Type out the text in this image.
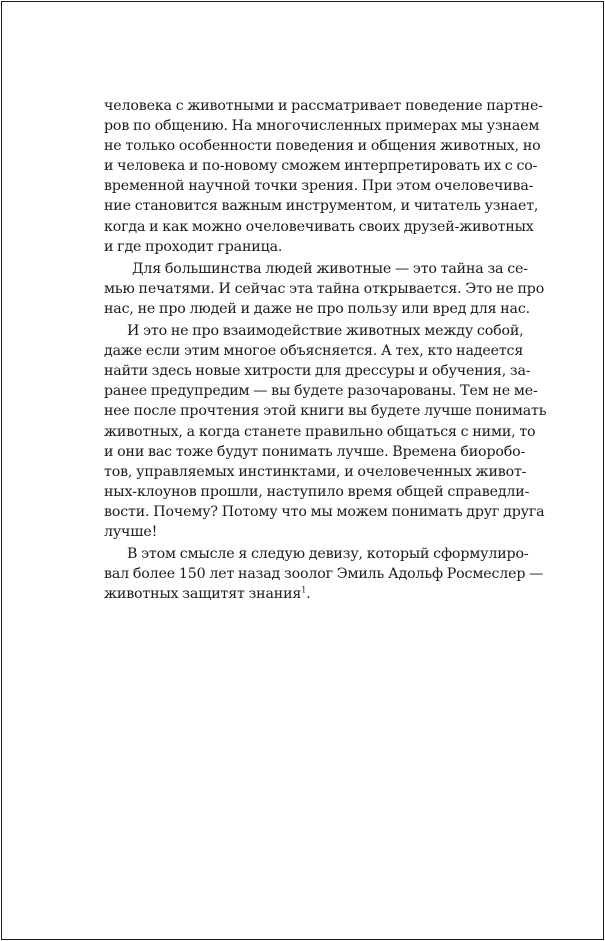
человека с животными и рассматривает поведение партне-
ров по общению. На многочисленных примерах мы узнаем
не только особенности поведения и общения животных, но
и человека и по-новому сможем интерпретировать их с со-
временной научной точки зрения. При этом очеловечива-
ние становится важным инструментом, и читатель узнает,
когда и как можно очеловечивать своих друзей-животных
и где проходит граница.
Для большинства людей животные — это тайна за се-
мью печатями. И сейчас эта тайна открывается. Это не про
нас, не про людей и даже не про пользу или вред для нас.
И это не про взаимодействие животных между собой,
даже если этим многое объясняется. А тех, кто надеется
найти здесь новые хитрости для дрессуры и обучения, за-
ранее предупредим — вы будете разочарованы. Тем не ме-
нее после прочтения этой книги вы будете лучше понимать
животных, а когда станете правильно общаться с ними, то
и они вас тоже будут понимать лучше. Времена биоробо-
тов, управляемых инстинктами, и очеловеченных живот-
ных-клоунов прошли, наступило время общей справедли-
вости. Почему? Потому что мы можем понимать друг друга
лучше!
В этом смысле я следую девизу, который сформулиро-
вал более 150 лет назад зоолог Эмиль Адольф Росмеслер —
животных защитят знания$^1$.
